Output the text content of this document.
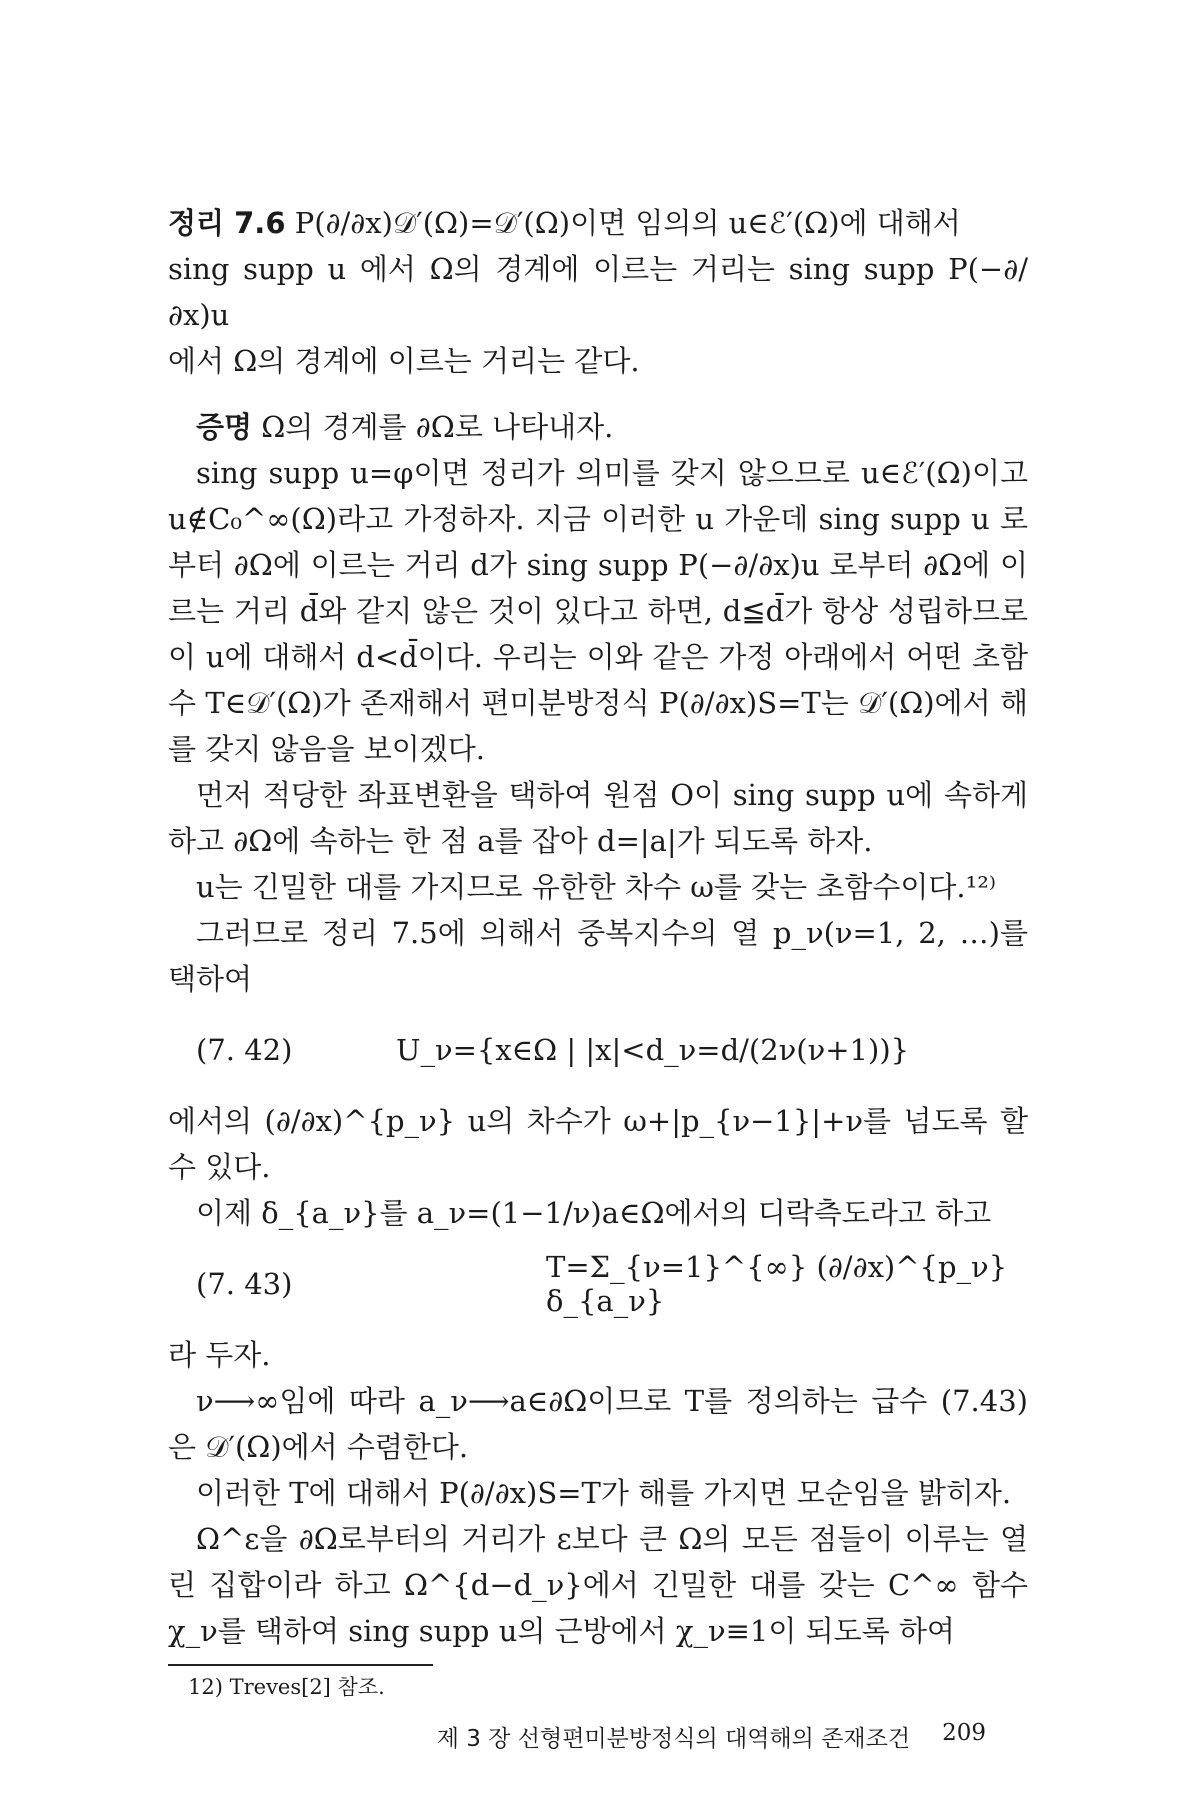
정리 7.6 P(∂/∂x)𝒟′(Ω)=𝒟′(Ω)이면 임의의 u∈ℰ′(Ω)에 대해서
sing supp u 에서 Ω의 경계에 이르는 거리는 sing supp P(−∂/∂x)u
에서 Ω의 경계에 이르는 거리는 같다.

증명 Ω의 경계를 ∂Ω로 나타내자.

sing supp u=φ이면 정리가 의미를 갖지 않으므로 u∈ℰ′(Ω)이고 u∉C₀^∞(Ω)라고 가정하자. 지금 이러한 u 가운데 sing supp u 로부터 ∂Ω에 이르는 거리 d가 sing supp P(−∂/∂x)u 로부터 ∂Ω에 이르는 거리 d̄와 같지 않은 것이 있다고 하면, d≦d̄가 항상 성립하므로 이 u에 대해서 d<d̄이다. 우리는 이와 같은 가정 아래에서 어떤 초함수 T∈𝒟′(Ω)가 존재해서 편미분방정식 P(∂/∂x)S=T는 𝒟′(Ω)에서 해를 갖지 않음을 보이겠다.

먼저 적당한 좌표변환을 택하여 원점 O이 sing supp u에 속하게 하고 ∂Ω에 속하는 한 점 a를 잡아 d=|a|가 되도록 하자.

u는 긴밀한 대를 가지므로 유한한 차수 ω를 갖는 초함수이다.¹²⁾

그러므로 정리 7.5에 의해서 중복지수의 열 p_ν(ν=1, 2, …)를 택하여

(7. 42)	U_ν={x∈Ω | |x|<d_ν=d/(2ν(ν+1))}

에서의 (∂/∂x)^{p_ν} u의 차수가 ω+|p_{ν−1}|+ν를 넘도록 할 수 있다.

이제 δ_{a_ν}를 a_ν=(1−1/ν)a∈Ω에서의 디락측도라고 하고

(7. 43)	T=Σ_{ν=1}^{∞} (∂/∂x)^{p_ν} δ_{a_ν}

라 두자.

ν⟶∞임에 따라 a_ν⟶a∈∂Ω이므로 T를 정의하는 급수 (7.43)은 𝒟′(Ω)에서 수렴한다.

이러한 T에 대해서 P(∂/∂x)S=T가 해를 가지면 모순임을 밝히자.

Ω^ε을 ∂Ω로부터의 거리가 ε보다 큰 Ω의 모든 점들이 이루는 열린 집합이라 하고 Ω^{d−d_ν}에서 긴밀한 대를 갖는 C^∞ 함수 χ_ν를 택하여 sing supp u의 근방에서 χ_ν≡1이 되도록 하여

12) Treves[2] 참조.
제 3 장 선형편미분방정식의 대역해의 존재조건 209
